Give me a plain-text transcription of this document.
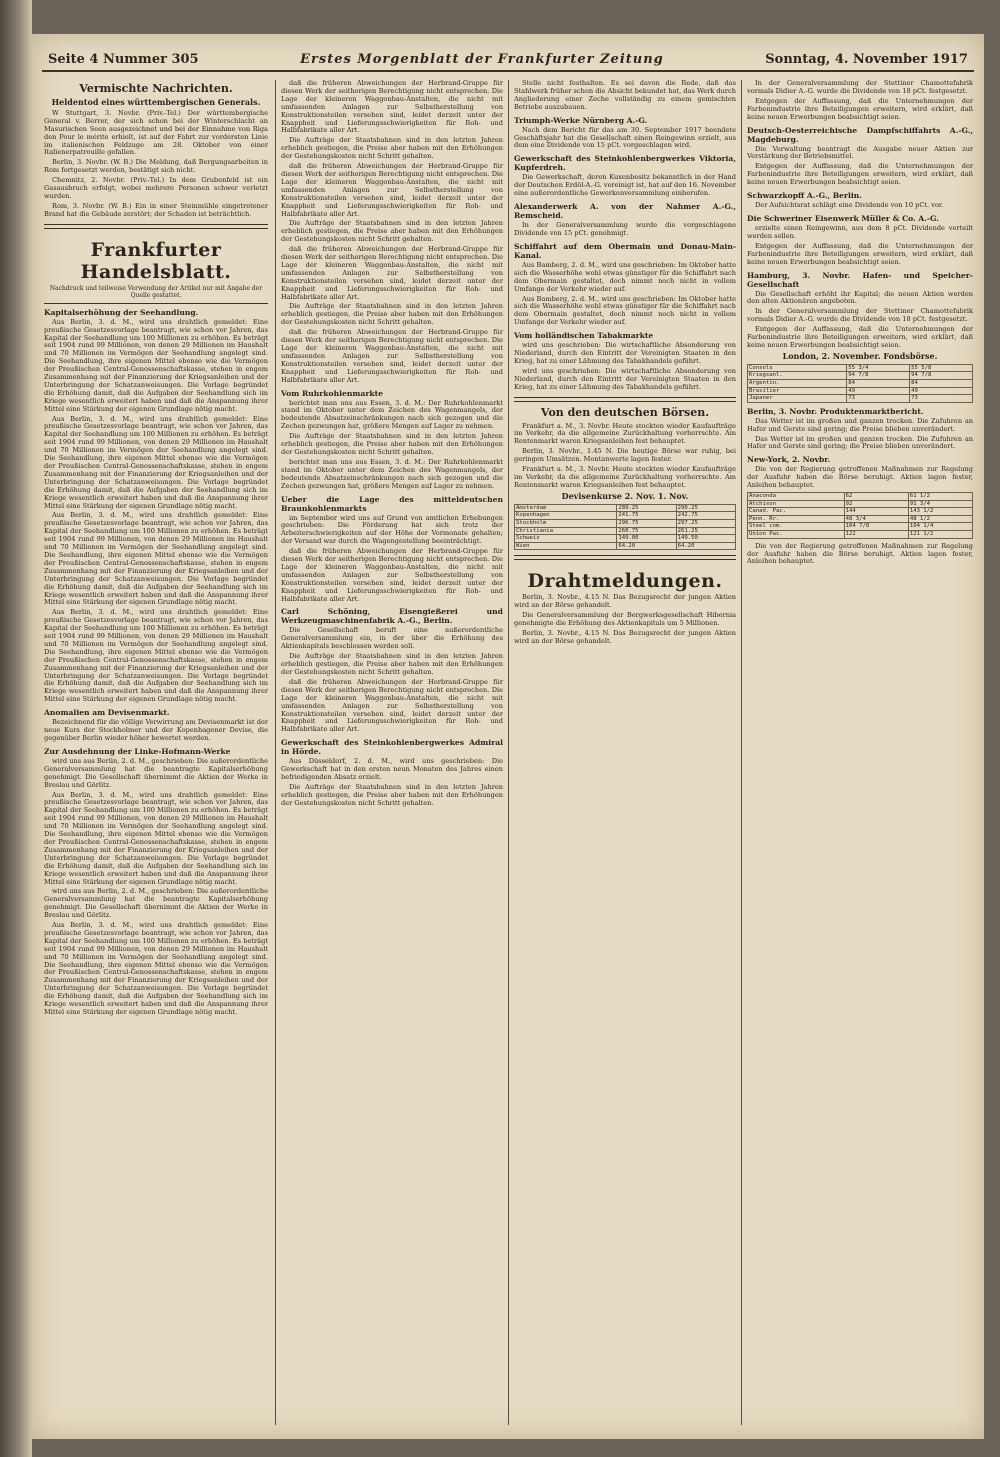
Seite 4 Nummer 305	Erstes Morgenblatt der Frankfurter Zeitung	Sonntag, 4. November 1917
Vermischte Nachrichten.
Heldentod eines württembergischen Generals.

W Stuttgart, 3. Novbr. (Priv.-Tel.) Der württembergische General v. Berrer, der sich schon bei der Winterschlacht an Masurischen Seen ausgezeichnet und bei der Einnahme von Riga den Pour le mérite erhielt, ist auf der Fahrt zur vordersten Linie im italienischen Feldzuge am 28. Oktober von einer Italienerpatrouille gefallen.

Berlin, 3. Novbr. (W. B.) Die Meldung, daß Bergungsarbeiten in Rom fortgesetzt werden, bestätigt sich nicht.

Chemnitz, 2. Novbr. (Priv.-Tel.) In dem Grubenfeld ist ein Gasausbruch erfolgt, wobei mehrere Personen schwer verletzt wurden.

Rom, 3. Novbr. (W. B.) Ein in einer Steinmühle eingetretener Brand hat die Gebäude zerstört; der Schaden ist beträchtlich.

Frankfurter Handelsblatt.
Nachdruck und teilweise Verwendung der Artikel nur mit Angabe der Quelle gestattet.
Kapitalserhöhung der Seehandlung.

Aus Berlin, 3. d. M., wird uns drahtlich gemeldet: Eine preußische Gesetzesvorlage beantragt, wie schon vor Jahren, das Kapital der Seehandlung um 100 Millionen zu erhöhen. Es beträgt seit 1904 rund 99 Millionen, von denen 29 Millionen im Haushalt und 70 Millionen im Vermögen der Seehandlung angelegt sind. Die Seehandlung, ihre eigenen Mittel ebenso wie die Vermögen der Preußischen Central-Genossenschaftskasse, stehen in engem Zusammenhang mit der Finanzierung der Kriegsanleihen und der Unterbringung der Schatzanweisungen. Die Vorlage begründet die Erhöhung damit, daß die Aufgaben der Seehandlung sich im Kriege wesentlich erweitert haben und daß die Anspannung ihrer Mittel eine Stärkung der eigenen Grundlage nötig macht.

Aus Berlin, 3. d. M., wird uns drahtlich gemeldet: Eine preußische Gesetzesvorlage beantragt, wie schon vor Jahren, das Kapital der Seehandlung um 100 Millionen zu erhöhen. Es beträgt seit 1904 rund 99 Millionen, von denen 29 Millionen im Haushalt und 70 Millionen im Vermögen der Seehandlung angelegt sind. Die Seehandlung, ihre eigenen Mittel ebenso wie die Vermögen der Preußischen Central-Genossenschaftskasse, stehen in engem Zusammenhang mit der Finanzierung der Kriegsanleihen und der Unterbringung der Schatzanweisungen. Die Vorlage begründet die Erhöhung damit, daß die Aufgaben der Seehandlung sich im Kriege wesentlich erweitert haben und daß die Anspannung ihrer Mittel eine Stärkung der eigenen Grundlage nötig macht.

Aus Berlin, 3. d. M., wird uns drahtlich gemeldet: Eine preußische Gesetzesvorlage beantragt, wie schon vor Jahren, das Kapital der Seehandlung um 100 Millionen zu erhöhen. Es beträgt seit 1904 rund 99 Millionen, von denen 29 Millionen im Haushalt und 70 Millionen im Vermögen der Seehandlung angelegt sind. Die Seehandlung, ihre eigenen Mittel ebenso wie die Vermögen der Preußischen Central-Genossenschaftskasse, stehen in engem Zusammenhang mit der Finanzierung der Kriegsanleihen und der Unterbringung der Schatzanweisungen. Die Vorlage begründet die Erhöhung damit, daß die Aufgaben der Seehandlung sich im Kriege wesentlich erweitert haben und daß die Anspannung ihrer Mittel eine Stärkung der eigenen Grundlage nötig macht.

Aus Berlin, 3. d. M., wird uns drahtlich gemeldet: Eine preußische Gesetzesvorlage beantragt, wie schon vor Jahren, das Kapital der Seehandlung um 100 Millionen zu erhöhen. Es beträgt seit 1904 rund 99 Millionen, von denen 29 Millionen im Haushalt und 70 Millionen im Vermögen der Seehandlung angelegt sind. Die Seehandlung, ihre eigenen Mittel ebenso wie die Vermögen der Preußischen Central-Genossenschaftskasse, stehen in engem Zusammenhang mit der Finanzierung der Kriegsanleihen und der Unterbringung der Schatzanweisungen. Die Vorlage begründet die Erhöhung damit, daß die Aufgaben der Seehandlung sich im Kriege wesentlich erweitert haben und daß die Anspannung ihrer Mittel eine Stärkung der eigenen Grundlage nötig macht.

Anomalien am Devisenmarkt.

Bezeichnend für die völlige Verwirrung am Devisenmarkt ist der neue Kurs der Stockholmer und der Kopenhagener Devise, die gegenüber Berlin wieder höher bewertet werden.

Zur Ausdehnung der Linke-Hofmann-Werke

wird uns aus Berlin, 2. d. M., geschrieben: Die außerordentliche Generalversammlung hat die beantragte Kapitalserhöhung genehmigt. Die Gesellschaft übernimmt die Aktien der Werke in Breslau und Görlitz.

Aus Berlin, 3. d. M., wird uns drahtlich gemeldet: Eine preußische Gesetzesvorlage beantragt, wie schon vor Jahren, das Kapital der Seehandlung um 100 Millionen zu erhöhen. Es beträgt seit 1904 rund 99 Millionen, von denen 29 Millionen im Haushalt und 70 Millionen im Vermögen der Seehandlung angelegt sind. Die Seehandlung, ihre eigenen Mittel ebenso wie die Vermögen der Preußischen Central-Genossenschaftskasse, stehen in engem Zusammenhang mit der Finanzierung der Kriegsanleihen und der Unterbringung der Schatzanweisungen. Die Vorlage begründet die Erhöhung damit, daß die Aufgaben der Seehandlung sich im Kriege wesentlich erweitert haben und daß die Anspannung ihrer Mittel eine Stärkung der eigenen Grundlage nötig macht.

wird uns aus Berlin, 2. d. M., geschrieben: Die außerordentliche Generalversammlung hat die beantragte Kapitalserhöhung genehmigt. Die Gesellschaft übernimmt die Aktien der Werke in Breslau und Görlitz.

Aus Berlin, 3. d. M., wird uns drahtlich gemeldet: Eine preußische Gesetzesvorlage beantragt, wie schon vor Jahren, das Kapital der Seehandlung um 100 Millionen zu erhöhen. Es beträgt seit 1904 rund 99 Millionen, von denen 29 Millionen im Haushalt und 70 Millionen im Vermögen der Seehandlung angelegt sind. Die Seehandlung, ihre eigenen Mittel ebenso wie die Vermögen der Preußischen Central-Genossenschaftskasse, stehen in engem Zusammenhang mit der Finanzierung der Kriegsanleihen und der Unterbringung der Schatzanweisungen. Die Vorlage begründet die Erhöhung damit, daß die Aufgaben der Seehandlung sich im Kriege wesentlich erweitert haben und daß die Anspannung ihrer Mittel eine Stärkung der eigenen Grundlage nötig macht.

daß die früheren Abweichungen der Herbrand-Gruppe für diesen Werk der seitherigen Berechtigung nicht entsprechen. Die Lage der kleineren Waggonbau-Anstalten, die nicht mit umfassenden Anlagen zur Selbstherstellung von Konstruktionsteilen versehen sind, leidet derzeit unter der Knappheit und Lieferungsschwierigkeiten für Roh- und Halbfabrikate aller Art.

Die Aufträge der Staatsbahnen sind in den letzten Jahren erheblich gestiegen, die Preise aber haben mit den Erhöhungen der Gestehungskosten nicht Schritt gehalten.

daß die früheren Abweichungen der Herbrand-Gruppe für diesen Werk der seitherigen Berechtigung nicht entsprechen. Die Lage der kleineren Waggonbau-Anstalten, die nicht mit umfassenden Anlagen zur Selbstherstellung von Konstruktionsteilen versehen sind, leidet derzeit unter der Knappheit und Lieferungsschwierigkeiten für Roh- und Halbfabrikate aller Art.

Die Aufträge der Staatsbahnen sind in den letzten Jahren erheblich gestiegen, die Preise aber haben mit den Erhöhungen der Gestehungskosten nicht Schritt gehalten.

daß die früheren Abweichungen der Herbrand-Gruppe für diesen Werk der seitherigen Berechtigung nicht entsprechen. Die Lage der kleineren Waggonbau-Anstalten, die nicht mit umfassenden Anlagen zur Selbstherstellung von Konstruktionsteilen versehen sind, leidet derzeit unter der Knappheit und Lieferungsschwierigkeiten für Roh- und Halbfabrikate aller Art.

Die Aufträge der Staatsbahnen sind in den letzten Jahren erheblich gestiegen, die Preise aber haben mit den Erhöhungen der Gestehungskosten nicht Schritt gehalten.

daß die früheren Abweichungen der Herbrand-Gruppe für diesen Werk der seitherigen Berechtigung nicht entsprechen. Die Lage der kleineren Waggonbau-Anstalten, die nicht mit umfassenden Anlagen zur Selbstherstellung von Konstruktionsteilen versehen sind, leidet derzeit unter der Knappheit und Lieferungsschwierigkeiten für Roh- und Halbfabrikate aller Art.

Vom Ruhrkohlenmarkte

berichtet man uns aus Essen, 3. d. M.: Der Ruhrkohlenmarkt stand im Oktober unter dem Zeichen des Wagenmangels, der bedeutende Absatzeinschränkungen nach sich gezogen und die Zechen gezwungen hat, größere Mengen auf Lager zu nehmen.

Die Aufträge der Staatsbahnen sind in den letzten Jahren erheblich gestiegen, die Preise aber haben mit den Erhöhungen der Gestehungskosten nicht Schritt gehalten.

berichtet man uns aus Essen, 3. d. M.: Der Ruhrkohlenmarkt stand im Oktober unter dem Zeichen des Wagenmangels, der bedeutende Absatzeinschränkungen nach sich gezogen und die Zechen gezwungen hat, größere Mengen auf Lager zu nehmen.

Ueber die Lage des mitteldeutschen Braunkohlenmarkts

im September wird uns auf Grund von amtlichen Erhebungen geschrieben: Die Förderung hat sich trotz der Arbeiterschwierigkeiten auf der Höhe der Vormonate gehalten; der Versand war durch die Wagengestellung beeinträchtigt.

daß die früheren Abweichungen der Herbrand-Gruppe für diesen Werk der seitherigen Berechtigung nicht entsprechen. Die Lage der kleineren Waggonbau-Anstalten, die nicht mit umfassenden Anlagen zur Selbstherstellung von Konstruktionsteilen versehen sind, leidet derzeit unter der Knappheit und Lieferungsschwierigkeiten für Roh- und Halbfabrikate aller Art.

Carl Schöning, Eisengießerei und Werkzeugmaschinenfabrik A.-G., Berlin.

Die Gesellschaft beruft eine außerordentliche Generalversammlung ein, in der über die Erhöhung des Aktienkapitals beschlossen werden soll.

Die Aufträge der Staatsbahnen sind in den letzten Jahren erheblich gestiegen, die Preise aber haben mit den Erhöhungen der Gestehungskosten nicht Schritt gehalten.

daß die früheren Abweichungen der Herbrand-Gruppe für diesen Werk der seitherigen Berechtigung nicht entsprechen. Die Lage der kleineren Waggonbau-Anstalten, die nicht mit umfassenden Anlagen zur Selbstherstellung von Konstruktionsteilen versehen sind, leidet derzeit unter der Knappheit und Lieferungsschwierigkeiten für Roh- und Halbfabrikate aller Art.

Gewerkschaft des Steinkohlenbergwerkes Admiral in Hörde.

Aus Düsseldorf, 2. d. M., wird uns geschrieben: Die Gewerkschaft hat in den ersten neun Monaten des Jahres einen befriedigenden Absatz erzielt.

Die Aufträge der Staatsbahnen sind in den letzten Jahren erheblich gestiegen, die Preise aber haben mit den Erhöhungen der Gestehungskosten nicht Schritt gehalten.

Stelle nicht festhalten. Es sei davon die Rede, daß das Stahlwerk früher schon die Absicht bekundet hat, das Werk durch Angliederung einer Zeche vollständig zu einem gemischten Betriebe auszubauen.

Triumph-Werke Nürnberg A.-G.

Nach dem Bericht für das am 30. September 1917 beendete Geschäftsjahr hat die Gesellschaft einen Reingewinn erzielt, aus dem eine Dividende von 15 pCt. vorgeschlagen wird.

Gewerkschaft des Steinkohlenbergwerkes Viktoria, Kupferdreh.

Die Gewerkschaft, deren Kuxenbesitz bekanntlich in der Hand der Deutschen Erdöl-A.-G. vereinigt ist, hat auf den 16. November eine außerordentliche Gewerkenversammlung einberufen.

Alexanderwerk A. von der Nahmer A.-G., Remscheid.

In der Generalversammlung wurde die vorgeschlagene Dividende von 15 pCt. genehmigt.

Schiffahrt auf dem Obermain und Donau-Main-Kanal.

Aus Bamberg, 2. d. M., wird uns geschrieben: Im Oktober hatte sich die Wasserhöhe wohl etwas günstiger für die Schiffahrt nach dem Obermain gestaltet, doch nimmt noch nicht in vollem Umfange der Verkehr wieder auf.

Aus Bamberg, 2. d. M., wird uns geschrieben: Im Oktober hatte sich die Wasserhöhe wohl etwas günstiger für die Schiffahrt nach dem Obermain gestaltet, doch nimmt noch nicht in vollem Umfange der Verkehr wieder auf.

Vom holländischen Tabakmarkte

wird uns geschrieben: Die wirtschaftliche Absonderung von Niederland, durch den Eintritt der Vereinigten Staaten in den Krieg, hat zu einer Lähmung des Tabakhandels geführt.

wird uns geschrieben: Die wirtschaftliche Absonderung von Niederland, durch den Eintritt der Vereinigten Staaten in den Krieg, hat zu einer Lähmung des Tabakhandels geführt.

Von den deutschen Börsen.

Frankfurt a. M., 3. Novbr. Heute stockten wieder Kaufaufträge im Verkehr, da die allgemeine Zurückhaltung vorherrschte. Am Rentenmarkt waren Kriegsanleihen fest behauptet.

Berlin, 3. Novbr., 1.45 N. Die heutige Börse war ruhig, bei geringen Umsätzen. Montanwerte lagen fester.

Frankfurt a. M., 3. Novbr. Heute stockten wieder Kaufaufträge im Verkehr, da die allgemeine Zurückhaltung vorherrschte. Am Rentenmarkt waren Kriegsanleihen fest behauptet.

Devisenkurse 2. Nov. 1. Nov.
Amsterdam	289.25	290.25
Kopenhagen	241.75	242.75
Stockholm	296.75	297.25
Christiania	260.75	261.25
Schweiz	149.00	149.50
Wien	64.20	64.20
Drahtmeldungen.

Berlin, 3. Novbr., 4.15 N. Das Bezugsrecht der jungen Aktien wird an der Börse gehandelt.

Die Generalversammlung der Bergwerksgesellschaft Hibernia genehmigte die Erhöhung des Aktienkapitals um 5 Millionen.

Berlin, 3. Novbr., 4.15 N. Das Bezugsrecht der jungen Aktien wird an der Börse gehandelt.

In der Generalversammlung der Stettiner Chamottefabrik vormals Didier A.-G. wurde die Dividende von 18 pCt. festgesetzt.

Entgegen der Auffassung, daß die Unternehmungen der Farbenindustrie ihre Beteiligungen erweitern, wird erklärt, daß keine neuen Erwerbungen beabsichtigt seien.

Deutsch-Oesterreichische Dampfschiffahrts A.-G., Magdeburg.

Die Verwaltung beantragt die Ausgabe neuer Aktien zur Verstärkung der Betriebsmittel.

Entgegen der Auffassung, daß die Unternehmungen der Farbenindustrie ihre Beteiligungen erweitern, wird erklärt, daß keine neuen Erwerbungen beabsichtigt seien.

Schwarzkopff A.-G., Berlin.

Der Aufsichtsrat schlägt eine Dividende von 10 pCt. vor.

Die Schweriner Eisenwerk Müller & Co. A.-G.

erzielte einen Reingewinn, aus dem 8 pCt. Dividende verteilt werden sollen.

Entgegen der Auffassung, daß die Unternehmungen der Farbenindustrie ihre Beteiligungen erweitern, wird erklärt, daß keine neuen Erwerbungen beabsichtigt seien.

Hamburg, 3. Novbr. Hafen- und Speicher-Gesellschaft

Die Gesellschaft erhöht ihr Kapital; die neuen Aktien werden den alten Aktionären angeboten.

In der Generalversammlung der Stettiner Chamottefabrik vormals Didier A.-G. wurde die Dividende von 18 pCt. festgesetzt.

Entgegen der Auffassung, daß die Unternehmungen der Farbenindustrie ihre Beteiligungen erweitern, wird erklärt, daß keine neuen Erwerbungen beabsichtigt seien.

London, 2. November. Fondsbörse.
Consols	55 3/4	55 5/8
Kriegsanl.	94 7/8	94 7/8
Argentin.	84	84
Brasilier	49	49
Japaner	73	73
Berlin, 3. Novbr. Produktenmarktbericht.

Das Wetter ist im großen und ganzen trocken. Die Zufuhren an Hafer und Gerste sind gering; die Preise blieben unverändert.

Das Wetter ist im großen und ganzen trocken. Die Zufuhren an Hafer und Gerste sind gering; die Preise blieben unverändert.

New-York, 2. Novbr.

Die von der Regierung getroffenen Maßnahmen zur Regelung der Ausfuhr haben die Börse beruhigt. Aktien lagen fester, Anleihen behauptet.

Anaconda	62	61 1/2
Atchison	92	91 3/4
Canad. Pac.	144	143 1/2
Penn. Rr.	48 3/4	48 1/2
Steel com.	104 7/8	104 1/4
Union Pac.	122	121 1/2

Die von der Regierung getroffenen Maßnahmen zur Regelung der Ausfuhr haben die Börse beruhigt. Aktien lagen fester, Anleihen behauptet.
